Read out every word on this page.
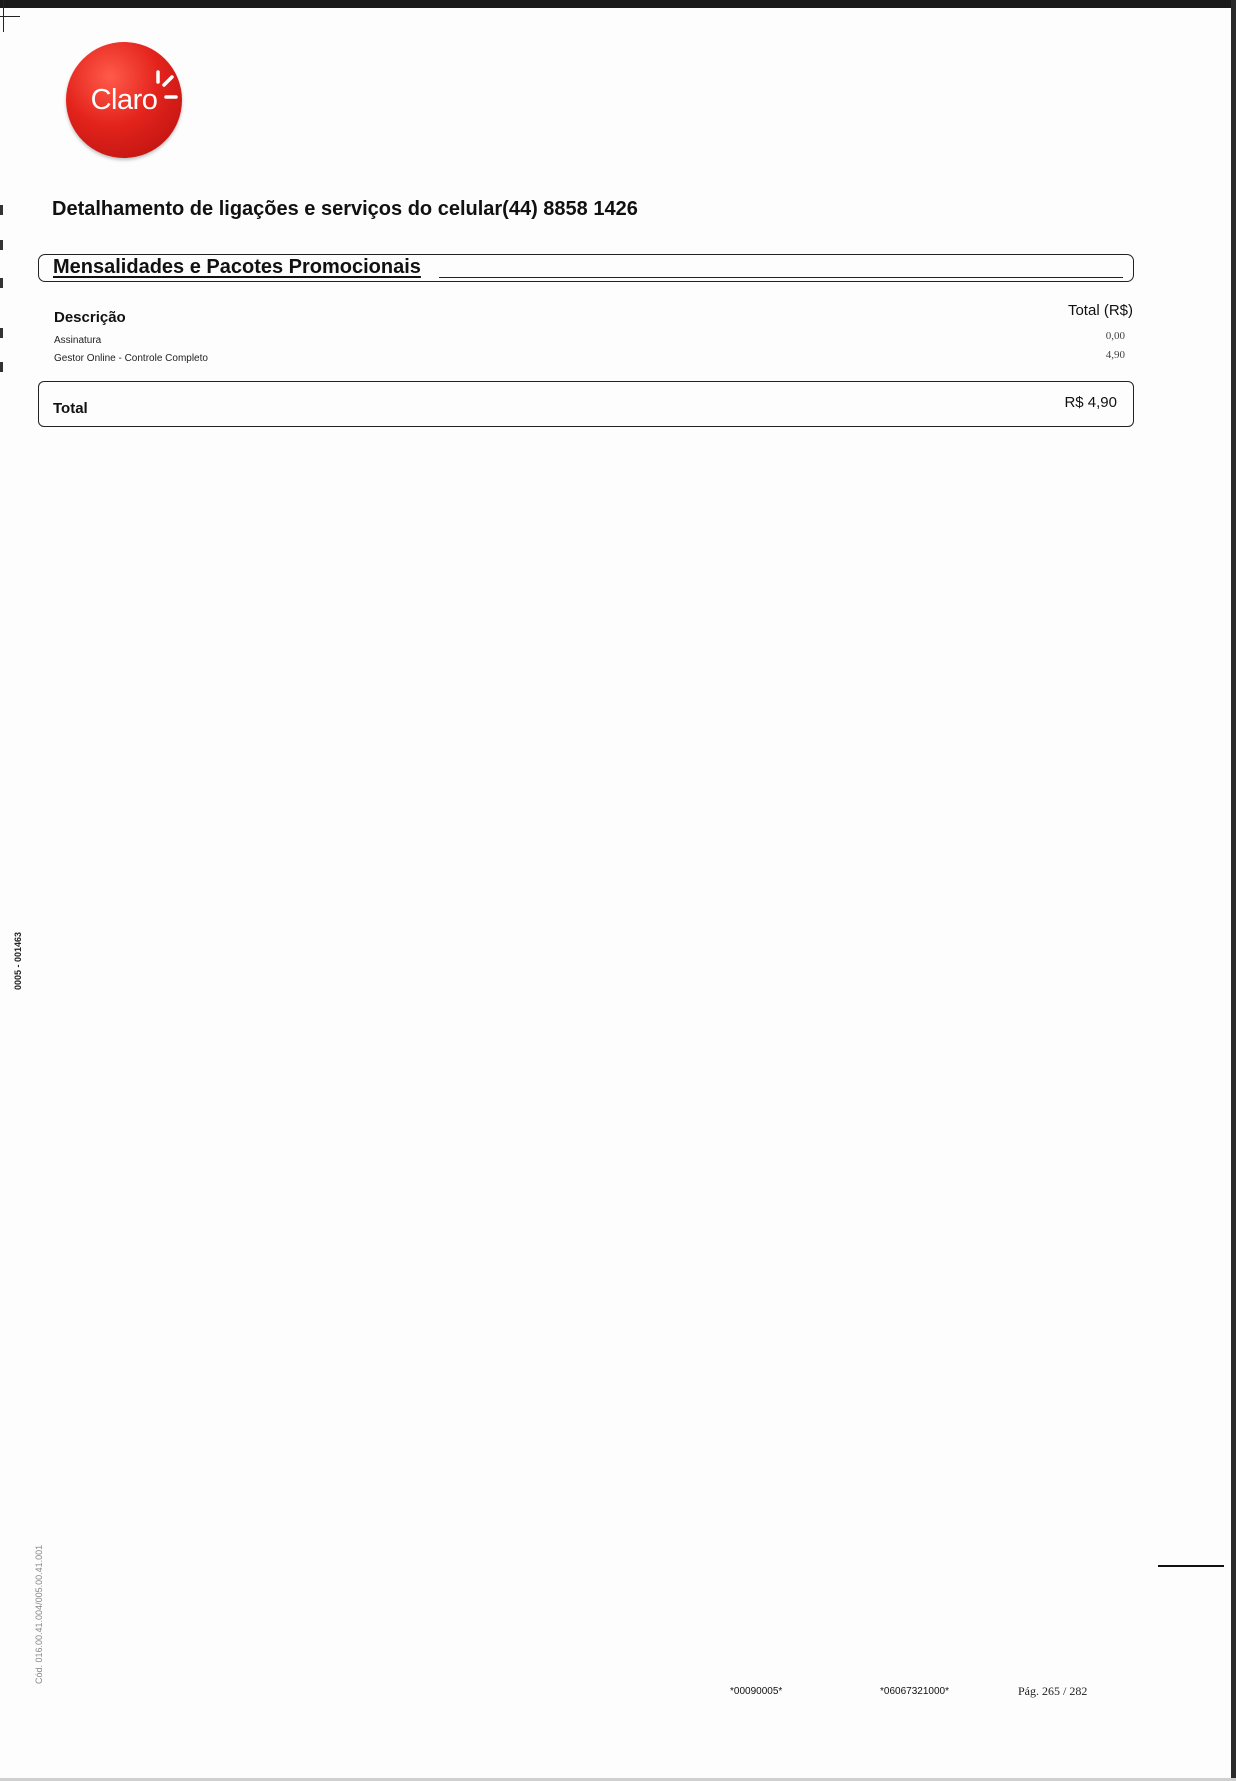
Claro
Detalhamento de ligações e serviços do celular(44) 8858 1426
Mensalidades e Pacotes Promocionais
Descrição	Total (R$)
Assinatura	0,00
Gestor Online - Controle Completo	4,90
Total	R$ 4,90
0005 - 001463
Cód. 016.00.41.004/005.00.41.001
*00090005*	*06067321000*	Pág. 265 / 282
